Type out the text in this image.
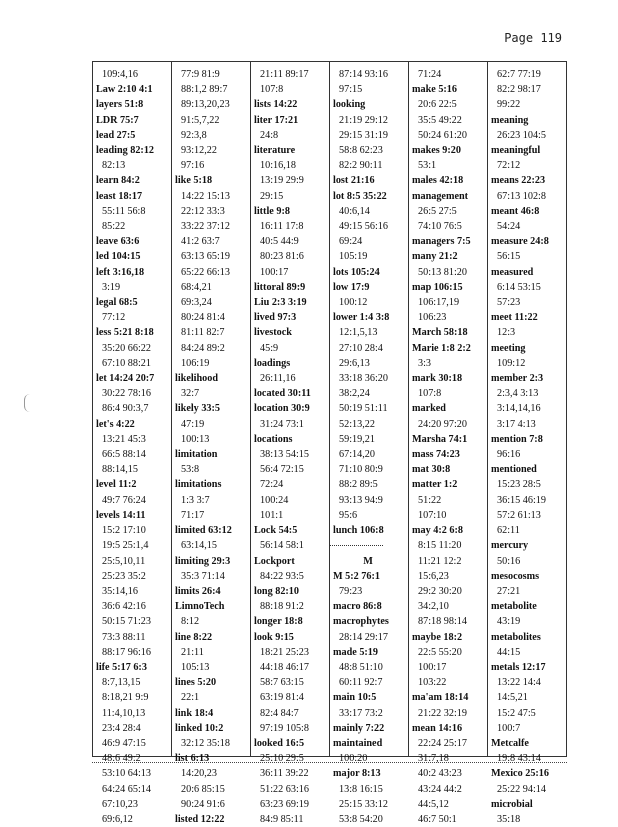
Page 119
109:4,16
Law 2:10 4:1
layers 51:8
LDR 75:7
lead 27:5
leading 82:12
82:13
learn 84:2
least 18:17
55:11 56:8
85:22
leave 63:6
led 104:15
left 3:16,18
3:19
legal 68:5
77:12
less 5:21 8:18
35:20 66:22
67:10 88:21
let 14:24 20:7
30:22 78:16
86:4 90:3,7
let's 4:22
13:21 45:3
66:5 88:14
88:14,15
level 11:2
49:7 76:24
levels 14:11
15:2 17:10
19:5 25:1,4
25:5,10,11
25:23 35:2
35:14,16
36:6 42:16
50:15 71:23
73:3 88:11
88:17 96:16
life 5:17 6:3
8:7,13,15
8:18,21 9:9
11:4,10,13
23:4 28:4
46:9 47:15
48:6 49:2
53:10 64:13
64:24 65:14
67:10,23
69:6,12
77:9 81:9
88:1,2 89:7
89:13,20,23
91:5,7,22
92:3,8
93:12,22
97:16
like 5:18
14:22 15:13
22:12 33:3
33:22 37:12
41:2 63:7
63:13 65:19
65:22 66:13
68:4,21
69:3,24
80:24 81:4
81:11 82:7
84:24 89:2
106:19
likelihood
32:7
likely 33:5
47:19
100:13
limitation
53:8
limitations
1:3 3:7
71:17
limited 63:12
63:14,15
limiting 29:3
35:3 71:14
limits 26:4
LimnoTech
8:12
line 8:22
21:11
105:13
lines 5:20
22:1
link 18:4
linked 10:2
32:12 35:18
list 6:13
14:20,23
20:6 85:15
90:24 91:6
listed 12:22
21:11 89:17
107:8
lists 14:22
liter 17:21
24:8
literature
10:16,18
13:19 29:9
29:15
little 9:8
16:11 17:8
40:5 44:9
80:23 81:6
100:17
littoral 89:9
Liu 2:3 3:19
lived 97:3
livestock
45:9
loadings
26:11,16
located 30:11
location 30:9
31:24 73:1
locations
38:13 54:15
56:4 72:15
72:24
100:24
101:1
Lock 54:5
56:14 58:1
Lockport
84:22 93:5
long 82:10
88:18 91:2
longer 18:8
look 9:15
18:21 25:23
44:18 46:17
58:7 63:15
63:19 81:4
82:4 84:7
97:19 105:8
looked 16:5
25:10 29:5
36:11 39:22
51:22 63:16
63:23 69:19
84:9 85:11
87:14 93:16
97:15
looking
21:19 29:12
29:15 31:19
58:8 62:23
82:2 90:11
lost 21:16
lot 8:5 35:22
40:6,14
49:15 56:16
69:24
105:19
lots 105:24
low 17:9
100:12
lower 1:4 3:8
12:1,5,13
27:10 28:4
29:6,13
33:18 36:20
38:2,24
50:19 51:11
52:13,22
59:19,21
67:14,20
71:10 80:9
88:2 89:5
93:13 94:9
95:6
lunch 106:8
M
M 5:2 76:1
79:23
macro 86:8
macrophytes
28:14 29:17
made 5:19
48:8 51:10
60:11 92:7
main 10:5
33:17 73:2
mainly 7:22
maintained
100:20
major 8:13
13:8 16:15
25:15 33:12
53:8 54:20
71:24
make 5:16
20:6 22:5
35:5 49:22
50:24 61:20
makes 9:20
53:1
males 42:18
management
26:5 27:5
74:10 76:5
managers 7:5
many 21:2
50:13 81:20
map 106:15
106:17,19
106:23
March 58:18
Marie 1:8 2:2
3:3
mark 30:18
107:8
marked
24:20 97:20
Marsha 74:1
mass 74:23
mat 30:8
matter 1:2
51:22
107:10
may 4:2 6:8
8:15 11:20
11:21 12:2
15:6,23
29:2 30:20
34:2,10
87:18 98:14
maybe 18:2
22:5 55:20
100:17
103:22
ma'am 18:14
21:22 32:19
mean 14:16
22:24 25:17
31:7,18
40:2 43:23
43:24 44:2
44:5,12
46:7 50:1
62:7 77:19
82:2 98:17
99:22
meaning
26:23 104:5
meaningful
72:12
means 22:23
67:13 102:8
meant 46:8
54:24
measure 24:8
56:15
measured
6:14 53:15
57:23
meet 11:22
12:3
meeting
109:12
member 2:3
2:3,4 3:13
3:14,14,16
3:17 4:13
mention 7:8
96:16
mentioned
15:23 28:5
36:15 46:19
57:2 61:13
62:11
mercury
50:16
mesocosms
27:21
metabolite
43:19
metabolites
44:15
metals 12:17
13:22 14:4
14:5,21
15:2 47:5
100:7
Metcalfe
19:8 43:14
Mexico 25:16
25:22 94:14
microbial
35:18
